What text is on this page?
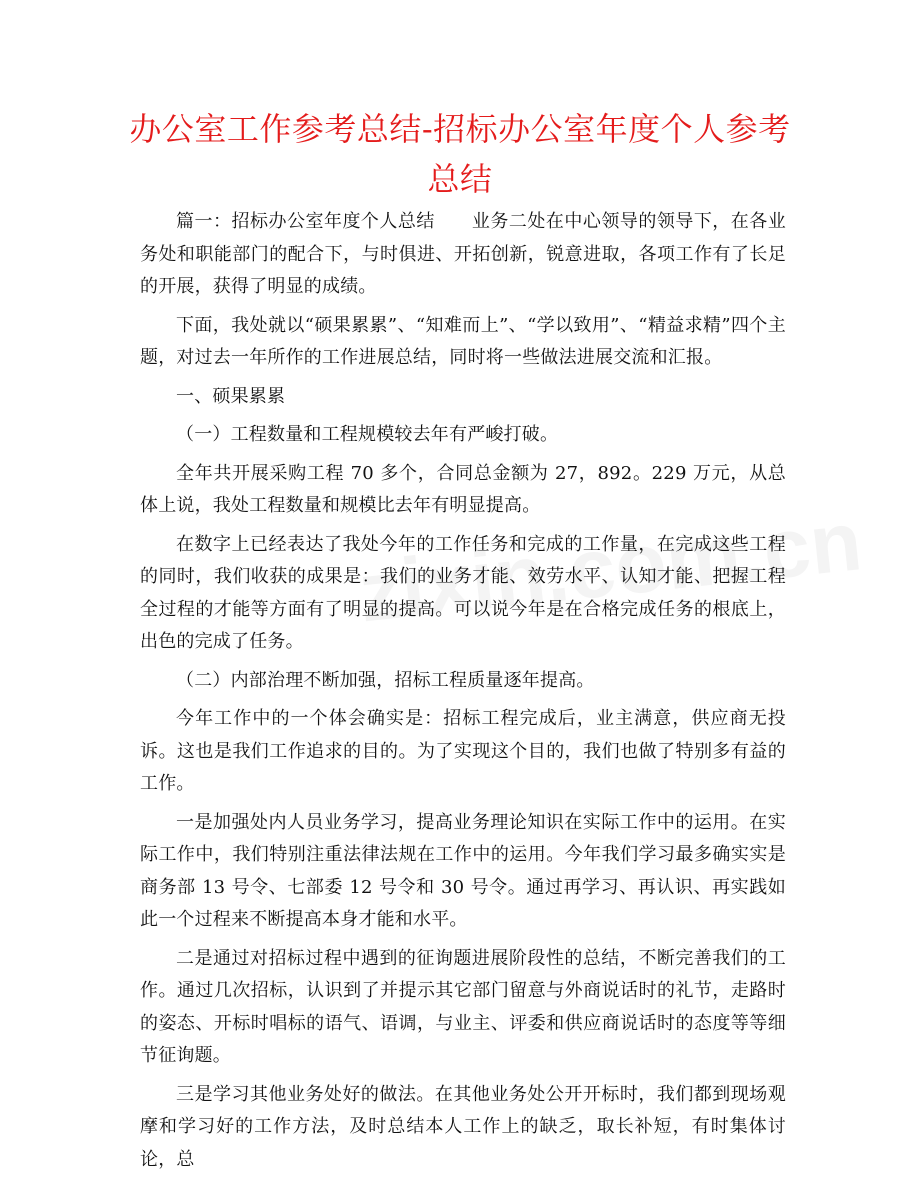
办公室工作参考总结-招标办公室年度个人参考总结

篇一：招标办公室年度个人总结　　业务二处在中心领导的领导下，在各业务处和职能部门的配合下，与时俱进、开拓创新，锐意进取，各项工作有了长足的开展，获得了明显的成绩。

下面，我处就以“硕果累累”、“知难而上”、“学以致用”、“精益求精”四个主题，对过去一年所作的工作进展总结，同时将一些做法进展交流和汇报。

一、硕果累累

（一）工程数量和工程规模较去年有严峻打破。

全年共开展采购工程 70 多个，合同总金额为 27，892。229 万元，从总体上说，我处工程数量和规模比去年有明显提高。

在数字上已经表达了我处今年的工作任务和完成的工作量，在完成这些工程的同时，我们收获的成果是：我们的业务才能、效劳水平、认知才能、把握工程全过程的才能等方面有了明显的提高。可以说今年是在合格完成任务的根底上，出色的完成了任务。

（二）内部治理不断加强，招标工程质量逐年提高。

今年工作中的一个体会确实是：招标工程完成后，业主满意，供应商无投诉。这也是我们工作追求的目的。为了实现这个目的，我们也做了特别多有益的工作。

一是加强处内人员业务学习，提高业务理论知识在实际工作中的运用。在实际工作中，我们特别注重法律法规在工作中的运用。今年我们学习最多确实实是商务部 13 号令、七部委 12 号令和 30 号令。通过再学习、再认识、再实践如此一个过程来不断提高本身才能和水平。

二是通过对招标过程中遇到的征询题进展阶段性的总结，不断完善我们的工作。通过几次招标，认识到了并提示其它部门留意与外商说话时的礼节，走路时的姿态、开标时唱标的语气、语调，与业主、评委和供应商说话时的态度等等细节征询题。

三是学习其他业务处好的做法。在其他业务处公开开标时，我们都到现场观摩和学习好的工作方法，及时总结本人工作上的缺乏，取长补短，有时集体讨论，总
